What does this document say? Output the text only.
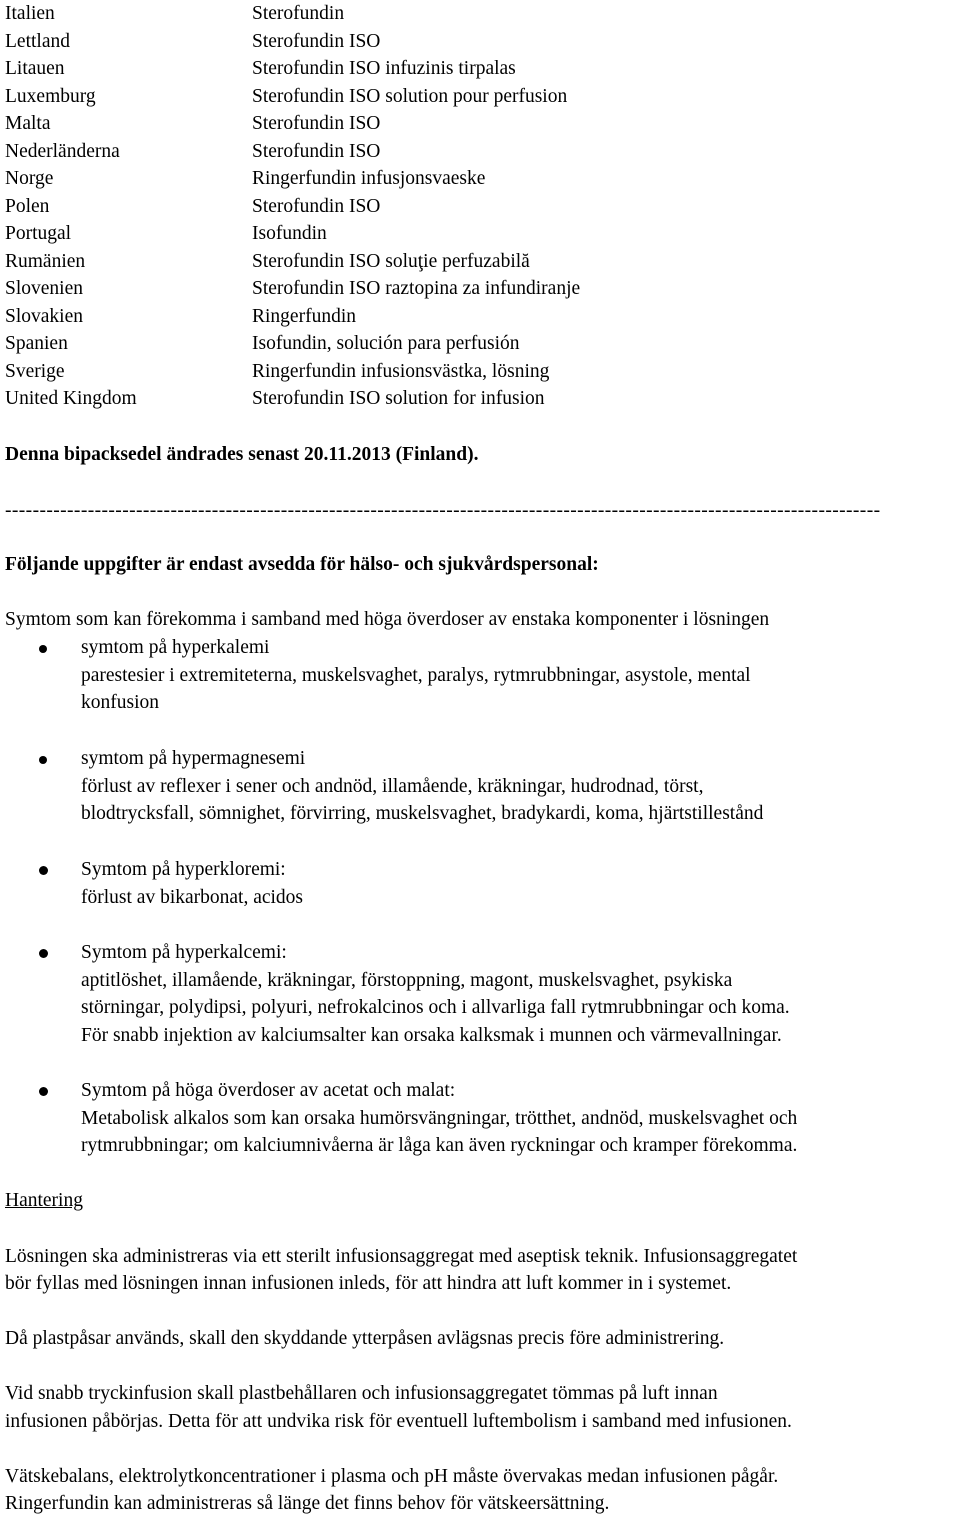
Italien	Sterofundin
Lettland	Sterofundin ISO
Litauen	Sterofundin ISO infuzinis tirpalas
Luxemburg	Sterofundin ISO solution pour perfusion
Malta	Sterofundin ISO
Nederländerna	Sterofundin ISO
Norge	Ringerfundin infusjonsvaeske
Polen	Sterofundin ISO
Portugal	Isofundin
Rumänien	Sterofundin ISO soluţie perfuzabilă
Slovenien	Sterofundin ISO raztopina za infundiranje
Slovakien	Ringerfundin
Spanien	Isofundin, solución para perfusión
Sverige	Ringerfundin infusionsvästka, lösning
United Kingdom	Sterofundin ISO solution for infusion
Denna bipacksedel ändrades senast 20.11.2013 (Finland).
-------------------------------------------------------------------------------------------------------------------------------
Följande uppgifter är endast avsedda för hälso- och sjukvårdspersonal:
Symtom som kan förekomma i samband med höga överdoser av enstaka komponenter i lösningen
symtom på hyperkalemi
parestesier i extremiteterna, muskelsvaghet, paralys, rytmrubbningar, asystole, mental
konfusion
symtom på hypermagnesemi
förlust av reflexer i sener och andnöd, illamående, kräkningar, hudrodnad, törst,
blodtrycksfall, sömnighet, förvirring, muskelsvaghet, bradykardi, koma, hjärtstillestånd
Symtom på hyperkloremi:
förlust av bikarbonat, acidos
Symtom på hyperkalcemi:
aptitlöshet, illamående, kräkningar, förstoppning, magont, muskelsvaghet, psykiska
störningar, polydipsi, polyuri, nefrokalcinos och i allvarliga fall rytmrubbningar och koma.
För snabb injektion av kalciumsalter kan orsaka kalksmak i munnen och värmevallningar.
Symtom på höga överdoser av acetat och malat:
Metabolisk alkalos som kan orsaka humörsvängningar, trötthet, andnöd, muskelsvaghet och
rytmrubbningar; om kalciumnivåerna är låga kan även ryckningar och kramper förekomma.
Hantering
Lösningen ska administreras via ett sterilt infusionsaggregat med aseptisk teknik. Infusionsaggregatet
bör fyllas med lösningen innan infusionen inleds, för att hindra att luft kommer in i systemet.
Då plastpåsar används, skall den skyddande ytterpåsen avlägsnas precis före administrering.
Vid snabb tryckinfusion skall plastbehållaren och infusionsaggregatet tömmas på luft innan
infusionen påbörjas. Detta för att undvika risk för eventuell luftembolism i samband med infusionen.
Vätskebalans, elektrolytkoncentrationer i plasma och pH måste övervakas medan infusionen pågår.
Ringerfundin kan administreras så länge det finns behov för vätskeersättning.
